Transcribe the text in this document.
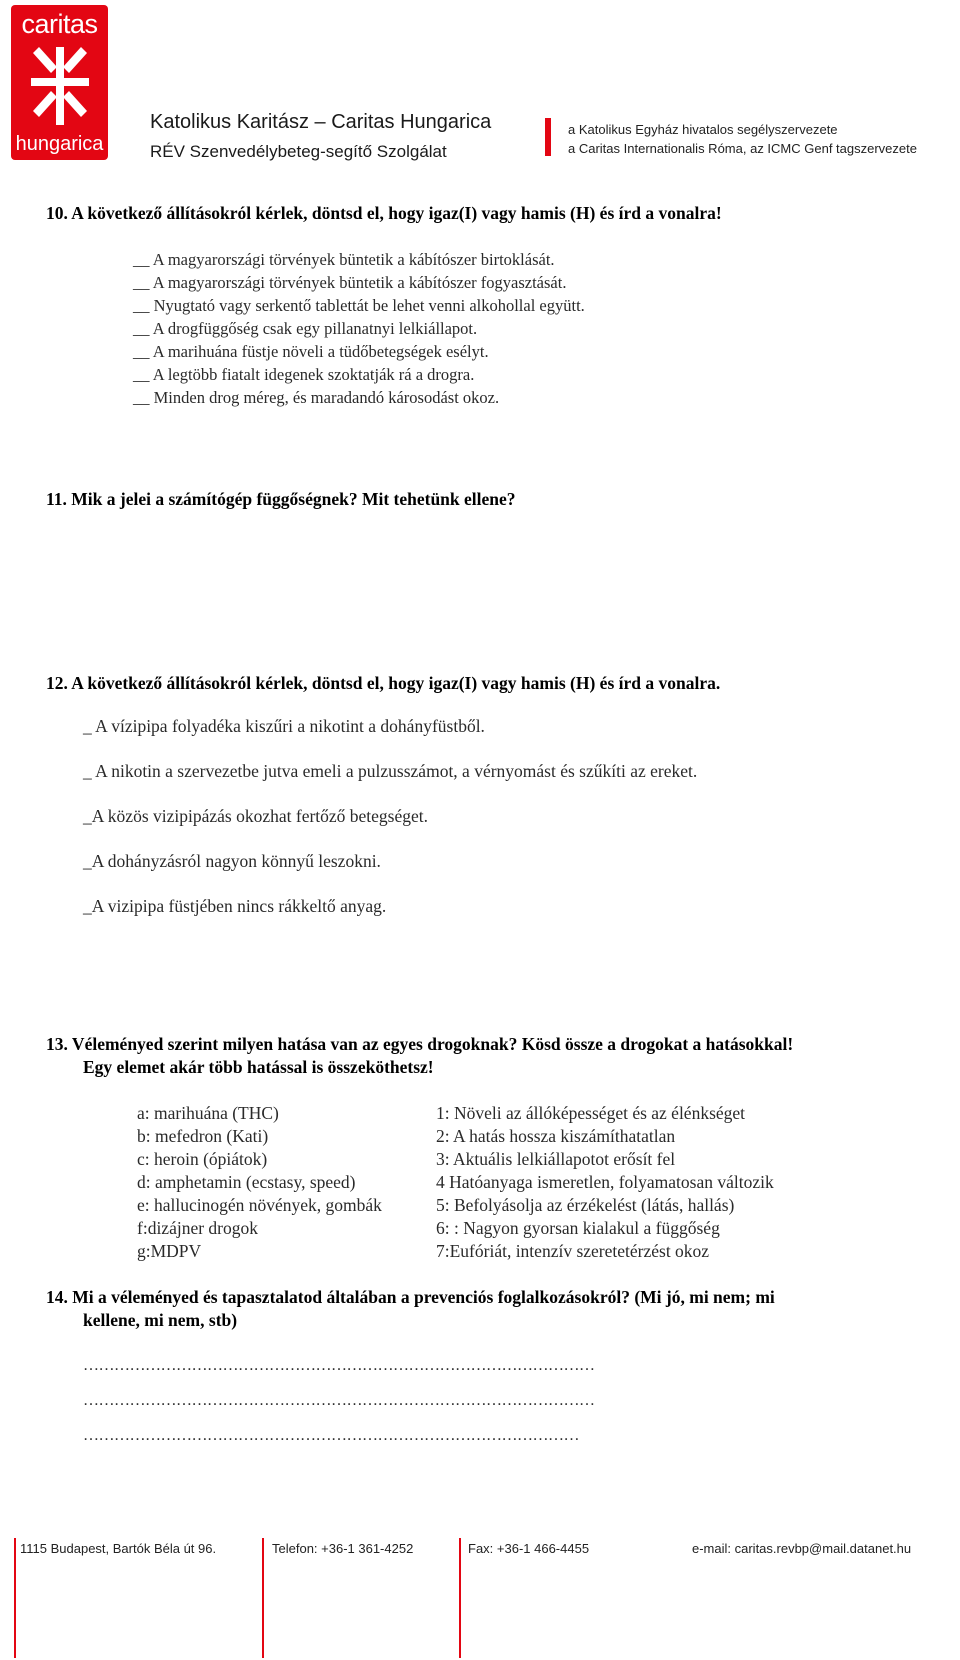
caritas
hungarica
Katolikus Karitász – Caritas Hungarica
RÉV Szenvedélybeteg-segítő Szolgálat
a Katolikus Egyház hivatalos segélyszervezete
a Caritas Internationalis Róma, az ICMC Genf tagszervezete
10. A következő állításokról kérlek, döntsd el, hogy igaz(I) vagy hamis (H) és írd a vonalra!
__ A magyarországi törvények büntetik a kábítószer birtoklását.
__ A magyarországi törvények büntetik a kábítószer fogyasztását.
__ Nyugtató vagy serkentő tablettát be lehet venni alkohollal együtt.
__ A drogfüggőség csak egy pillanatnyi lelkiállapot.
__ A marihuána füstje növeli a tüdőbetegségek esélyt.
__ A legtöbb fiatalt idegenek szoktatják rá a drogra.
__ Minden drog méreg, és maradandó károsodást okoz.
11. Mik a jelei a számítógép függőségnek? Mit tehetünk ellene?
12. A következő állításokról kérlek, döntsd el, hogy igaz(I) vagy hamis (H) és írd a vonalra.
_ A vízipipa folyadéka kiszűri a nikotint a dohányfüstből.
_ A nikotin a szervezetbe jutva emeli a pulzusszámot, a vérnyomást és szűkíti az ereket.
_A közös vizipipázás okozhat fertőző betegséget.
_A dohányzásról nagyon könnyű leszokni.
_A vizipipa füstjében nincs rákkeltő anyag.
13. Véleményed szerint milyen hatása van az egyes drogoknak? Kösd össze a drogokat a hatásokkal!
Egy elemet akár több hatással is összeköthetsz!
a: marihuána (THC)
b: mefedron (Kati)
c: heroin (ópiátok)
d: amphetamin (ecstasy, speed)
e: hallucinogén növények, gombák
f:dizájner drogok
g:MDPV
1: Növeli az állóképességet és az élénkséget
2: A hatás hossza kiszámíthatatlan
3: Aktuális lelkiállapotot erősít fel
4 Hatóanyaga ismeretlen, folyamatosan változik
5: Befolyásolja az érzékelést (látás, hallás)
6: : Nagyon gyorsan kialakul a függőség
7:Eufóriát, intenzív szeretetérzést okoz
14. Mi a véleményed és tapasztalatod általában a prevenciós foglalkozásokról? (Mi jó, mi nem; mi
kellene, mi nem, stb)
………………………………………………………………………………………
………………………………………………………………………………………
……………………………………………………………………………………
1115 Budapest, Bartók Béla út 96.	Telefon: +36-1 361-4252	Fax: +36-1 466-4455	e-mail: caritas.revbp@mail.datanet.hu
